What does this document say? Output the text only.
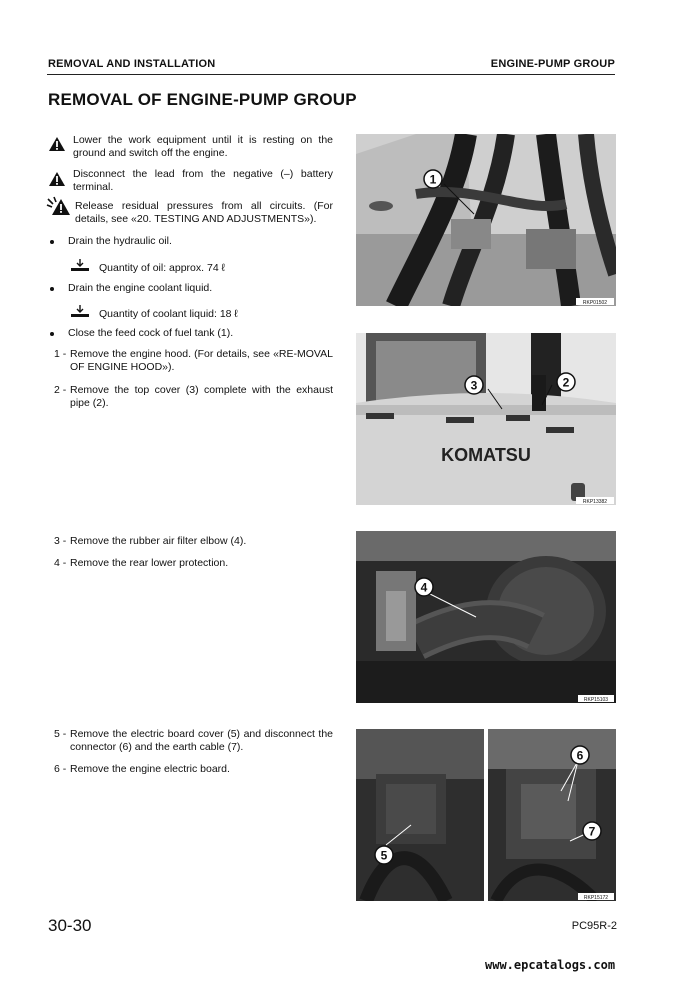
REMOVAL AND INSTALLATION	ENGINE-PUMP GROUP
REMOVAL OF ENGINE-PUMP GROUP
Lower the work equipment until it is resting on the ground and switch off the engine.
Disconnect the lead from the negative (–) battery terminal.
Release residual pressures from all circuits. (For details, see «20. TESTING AND ADJUSTMENTS»).
Drain the hydraulic oil.
Quantity of oil: approx. 74 ℓ
Drain the engine coolant liquid.
Quantity of coolant liquid: 18 ℓ
Close the feed cock of fuel tank (1).
1 - Remove the engine hood. (For details, see «RE-MOVAL OF ENGINE HOOD»).
2 - Remove the top cover (3) complete with the exhaust pipe (2).
3 - Remove the rubber air filter elbow (4).
4 - Remove the rear lower protection.
5 - Remove the electric board cover (5) and disconnect the connector (6) and the earth cable (7).
6 - Remove the engine electric board.
1
RKP01502
KOMATSU
3	2
RKP13382
4
RKP15103
6
5
7
RKP15172
30-30	PC95R-2
www.epcatalogs.com
